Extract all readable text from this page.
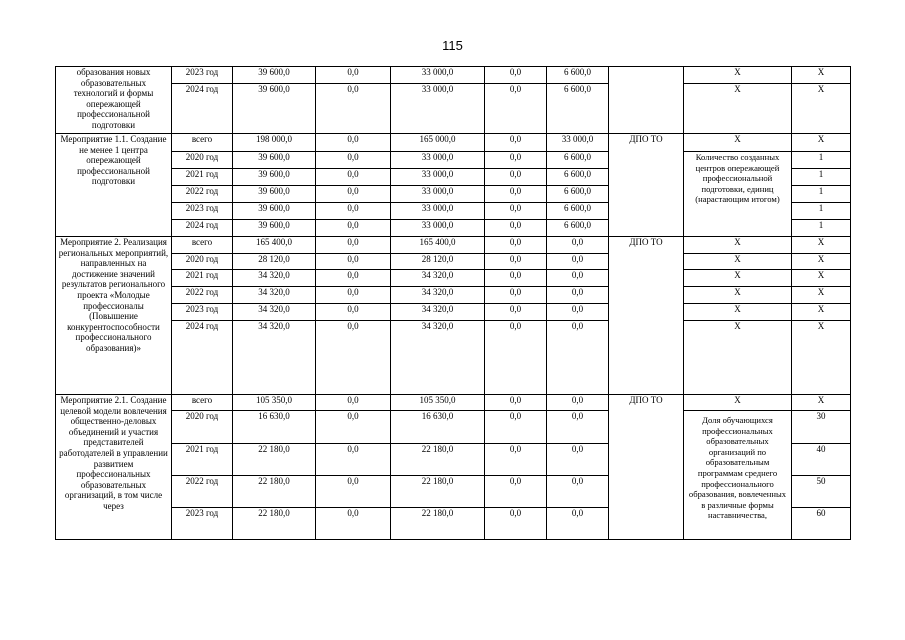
115
образования новых образовательных технологий и формы опережающей профессиональной подготовки	2023 год	39 600,0	0,0	33 000,0	0,0	6 600,0		X	X
	2024 год	39 600,0	0,0	33 000,0	0,0	6 600,0		X	X
Мероприятие 1.1. Создание не менее 1 центра опережающей профессиональной подготовки	всего	198 000,0	0,0	165 000,0	0,0	33 000,0	ДПО ТО	X	X
	2020 год	39 600,0	0,0	33 000,0	0,0	6 600,0		Количество созданных центров опережающей профессиональной подготовки, единиц (нарастающим итогом)	1
	2021 год	39 600,0	0,0	33 000,0	0,0	6 600,0			1
	2022 год	39 600,0	0,0	33 000,0	0,0	6 600,0			1
	2023 год	39 600,0	0,0	33 000,0	0,0	6 600,0			1
	2024 год	39 600,0	0,0	33 000,0	0,0	6 600,0			1
Мероприятие 2. Реализация региональных мероприятий, направленных на достижение значений результатов регионального проекта «Молодые профессионалы (Повышение конкурентоспособности профессионального образования)»	всего	165 400,0	0,0	165 400,0	0,0	0,0	ДПО ТО	X	X
	2020 год	28 120,0	0,0	28 120,0	0,0	0,0		X	X
	2021 год	34 320,0	0,0	34 320,0	0,0	0,0		X	X
	2022 год	34 320,0	0,0	34 320,0	0,0	0,0		X	X
	2023 год	34 320,0	0,0	34 320,0	0,0	0,0		X	X
	2024 год	34 320,0	0,0	34 320,0	0,0	0,0		X	X
Мероприятие 2.1. Создание целевой модели вовлечения общественно-деловых объединений и участия представителей работодателей в управлении развитием профессиональных образовательных организаций, в том числе через	всего	105 350,0	0,0	105 350,0	0,0	0,0	ДПО ТО	X	X
	2020 год	16 630,0	0,0	16 630,0	0,0	0,0		Доля обучающихся профессиональных образовательных организаций по образовательным программам среднего профессионального образования, вовлеченных в различные формы наставничества,	30
	2021 год	22 180,0	0,0	22 180,0	0,0	0,0			40
	2022 год	22 180,0	0,0	22 180,0	0,0	0,0			50
	2023 год	22 180,0	0,0	22 180,0	0,0	0,0			60
